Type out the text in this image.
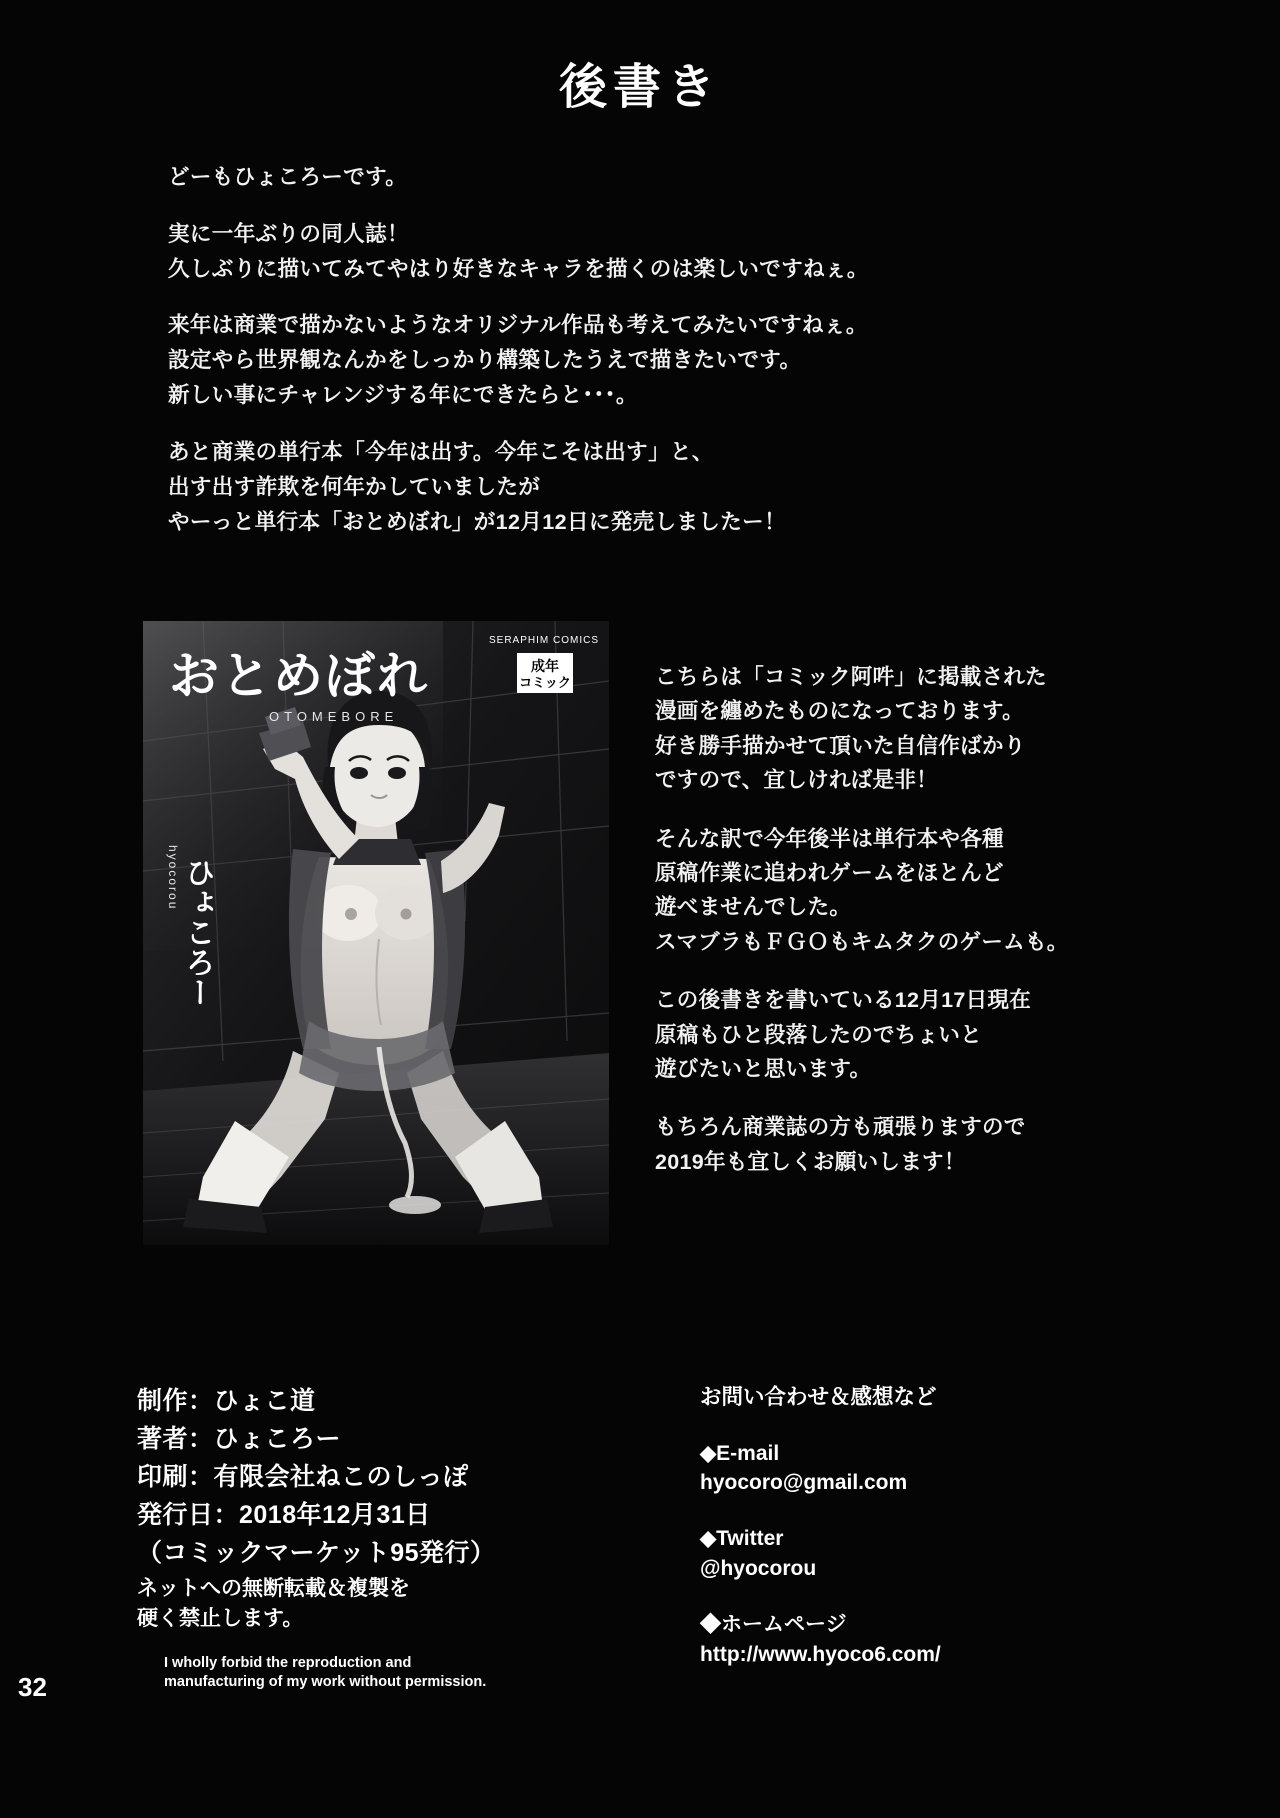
後書き

どーもひょころーです。

実に一年ぶりの同人誌！
久しぶりに描いてみてやはり好きなキャラを描くのは楽しいですねぇ。

来年は商業で描かないようなオリジナル作品も考えてみたいですねぇ。
設定やら世界観なんかをしっかり構築したうえで描きたいです。
新しい事にチャレンジする年にできたらと･･･。

あと商業の単行本「今年は出す。今年こそは出す」と、
出す出す詐欺を何年かしていましたが
やーっと単行本「おとめぼれ」が12月12日に発売しましたー！

おとめぼれ
OTOMEBORE
SERAPHIM COMICS
成年
コミック
ひょころー
hyocorou

こちらは「コミック阿吽」に掲載された
漫画を纏めたものになっております。
好き勝手描かせて頂いた自信作ばかり
ですので、宜しければ是非！

そんな訳で今年後半は単行本や各種
原稿作業に追われゲームをほとんど
遊べませんでした。
スマブラもＦＧＯもキムタクのゲームも。

この後書きを書いている12月17日現在
原稿もひと段落したのでちょいと
遊びたいと思います。

もちろん商業誌の方も頑張りますので
2019年も宜しくお願いします！

制作：ひょこ道
著者：ひょころー
印刷：有限会社ねこのしっぽ
発行日：2018年12月31日
（コミックマーケット95発行）
ネットへの無断転載＆複製を
硬く禁止します。
I wholly forbid the reproduction and
manufacturing of my work without permission.
お問い合わせ＆感想など
◆E-mail
hyocoro@gmail.com
◆Twitter
@hyocorou
◆ホームページ
http://www.hyoco6.com/
32
